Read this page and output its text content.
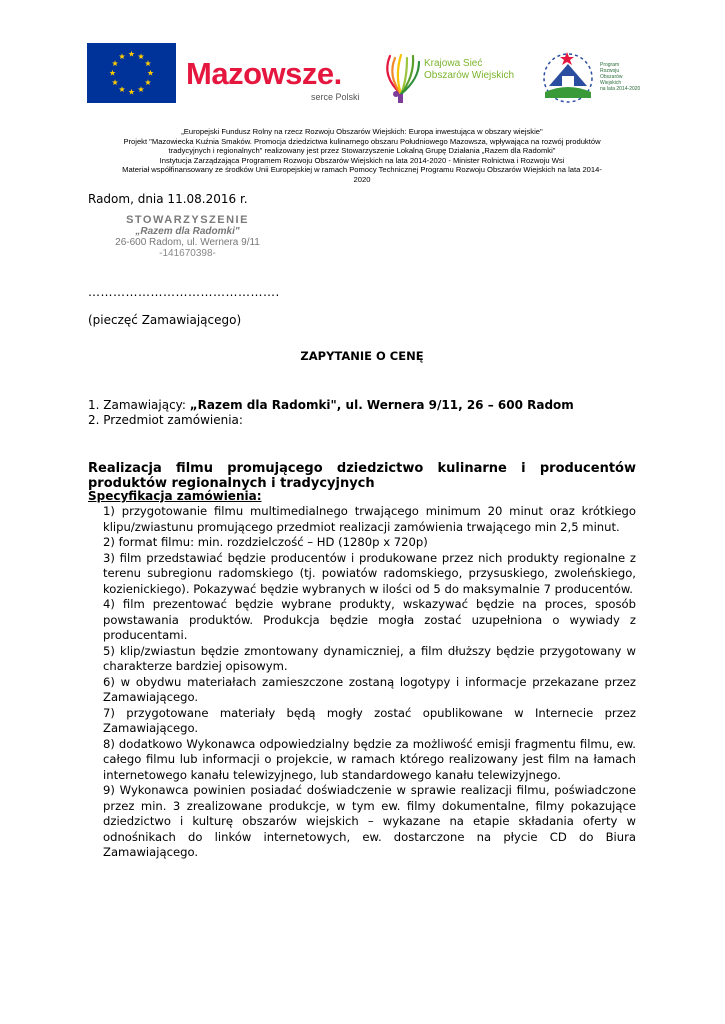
Mazowsze.
serce Polski
Krajowa Sieć
Obszarów Wiejskich
Program
Rozwoju
Obszarów
Wiejskich
na lata 2014-2020
„Europejski Fundusz Rolny na rzecz Rozwoju Obszarów Wiejskich: Europa inwestująca w obszary wiejskie"
Projekt "Mazowiecka Kuźnia Smaków. Promocja dziedzictwa kulinarnego obszaru Południowego Mazowsza, wpływająca na rozwój produktów
tradycyjnych i regionalnych" realizowany jest przez Stowarzyszenie Lokalną Grupę Działania „Razem dla Radomki"
Instytucja Zarządzająca Programem Rozwoju Obszarów Wiejskich na lata 2014-2020 - Minister Rolnictwa i Rozwoju Wsi
Materiał współfinansowany ze środków Unii Europejskiej w ramach Pomocy Technicznej Programu Rozwoju Obszarów Wiejskich na lata 2014-
2020
Radom, dnia 11.08.2016 r.
STOWARZYSZENIE
„Razem dla Radomki"
26-600 Radom, ul. Wernera 9/11
-141670398-
……………………………………….
(pieczęć Zamawiającego)
ZAPYTANIE O CENĘ
1. Zamawiający: „Razem dla Radomki", ul. Wernera 9/11, 26 – 600 Radom
2. Przedmiot zamówienia:
Realizacja filmu promującego dziedzictwo kulinarne i producentów produktów regionalnych i tradycyjnych
Specyfikacja zamówienia:
1) przygotowanie filmu multimedialnego trwającego minimum 20 minut oraz krótkiego klipu/zwiastunu promującego przedmiot realizacji zamówienia trwającego min 2,5 minut.
2) format filmu: min. rozdzielczość – HD (1280p x 720p)
3) film przedstawiać będzie producentów i produkowane przez nich produkty regionalne z terenu subregionu radomskiego (tj. powiatów radomskiego, przysuskiego, zwoleńskiego, kozienickiego). Pokazywać będzie wybranych w ilości od 5 do maksymalnie 7 producentów.
4) film prezentować będzie wybrane produkty, wskazywać będzie na proces, sposób powstawania produktów. Produkcja będzie mogła zostać uzupełniona o wywiady z producentami.
5) klip/zwiastun będzie zmontowany dynamiczniej, a film dłuższy będzie przygotowany w charakterze bardziej opisowym.
6) w obydwu materiałach zamieszczone zostaną logotypy i informacje przekazane przez Zamawiającego.
7) przygotowane materiały będą mogły zostać opublikowane w Internecie przez Zamawiającego.
8) dodatkowo Wykonawca odpowiedzialny będzie za możliwość emisji fragmentu filmu, ew. całego filmu lub informacji o projekcie, w ramach którego realizowany jest film na łamach internetowego kanału telewizyjnego, lub standardowego kanału telewizyjnego.
9) Wykonawca powinien posiadać doświadczenie w sprawie realizacji filmu, poświadczone przez min. 3 zrealizowane produkcje, w tym ew. filmy dokumentalne, filmy pokazujące dziedzictwo i kulturę obszarów wiejskich – wykazane na etapie składania oferty w odnośnikach do linków internetowych, ew. dostarczone na płycie CD do Biura Zamawiającego.
